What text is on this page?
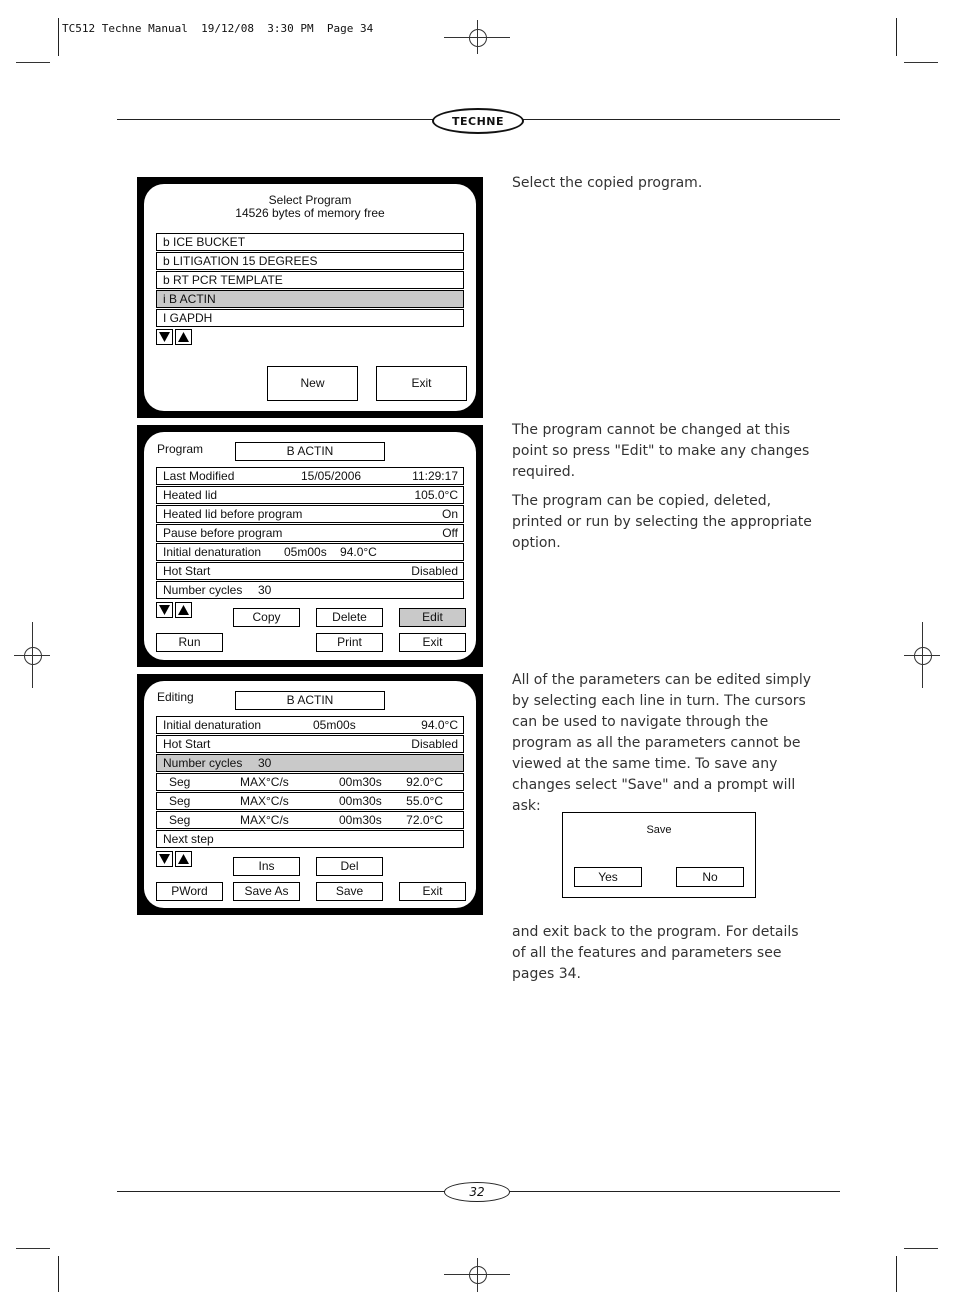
TC512 Techne Manual  19/12/08  3:30 PM  Page 34
TECHNE
32
Select Program
14526 bytes of memory free
b ICE BUCKET
b LITIGATION 15 DEGREES
b RT PCR TEMPLATE
i B ACTIN
I GAPDH
New	Exit
Program	B ACTIN
Last Modified	15/05/2006	11:29:17
Heated lid	105.0°C
Heated lid before program	On
Pause before program	Off
Initial denaturation 05m00s    94.0°C
Hot Start	Disabled
Number cycles 30
Copy	Delete	Edit
Run	Print	Exit
Editing	B ACTIN
Initial denaturation	05m00s	94.0°C
Hot Start	Disabled
Number cycles 30
Seg	MAX°C/s	00m30s 92.0°C
Seg	MAX°C/s	00m30s 55.0°C
Seg	MAX°C/s	00m30s 72.0°C
Next step
Ins	Del
PWord	Save As	Save	Exit
Select the copied program.
The program cannot be changed at this point so press "Edit" to make any changes required.
The program can be copied, deleted, printed or run by selecting the appropriate option.
All of the parameters can be edited simply by selecting each line in turn. The cursors can be used to navigate through the program as all the parameters cannot be viewed at the same time. To save any changes select "Save" and a prompt will ask:
Save
Yes	No
and exit back to the program. For details of all the features and parameters see pages 34.
